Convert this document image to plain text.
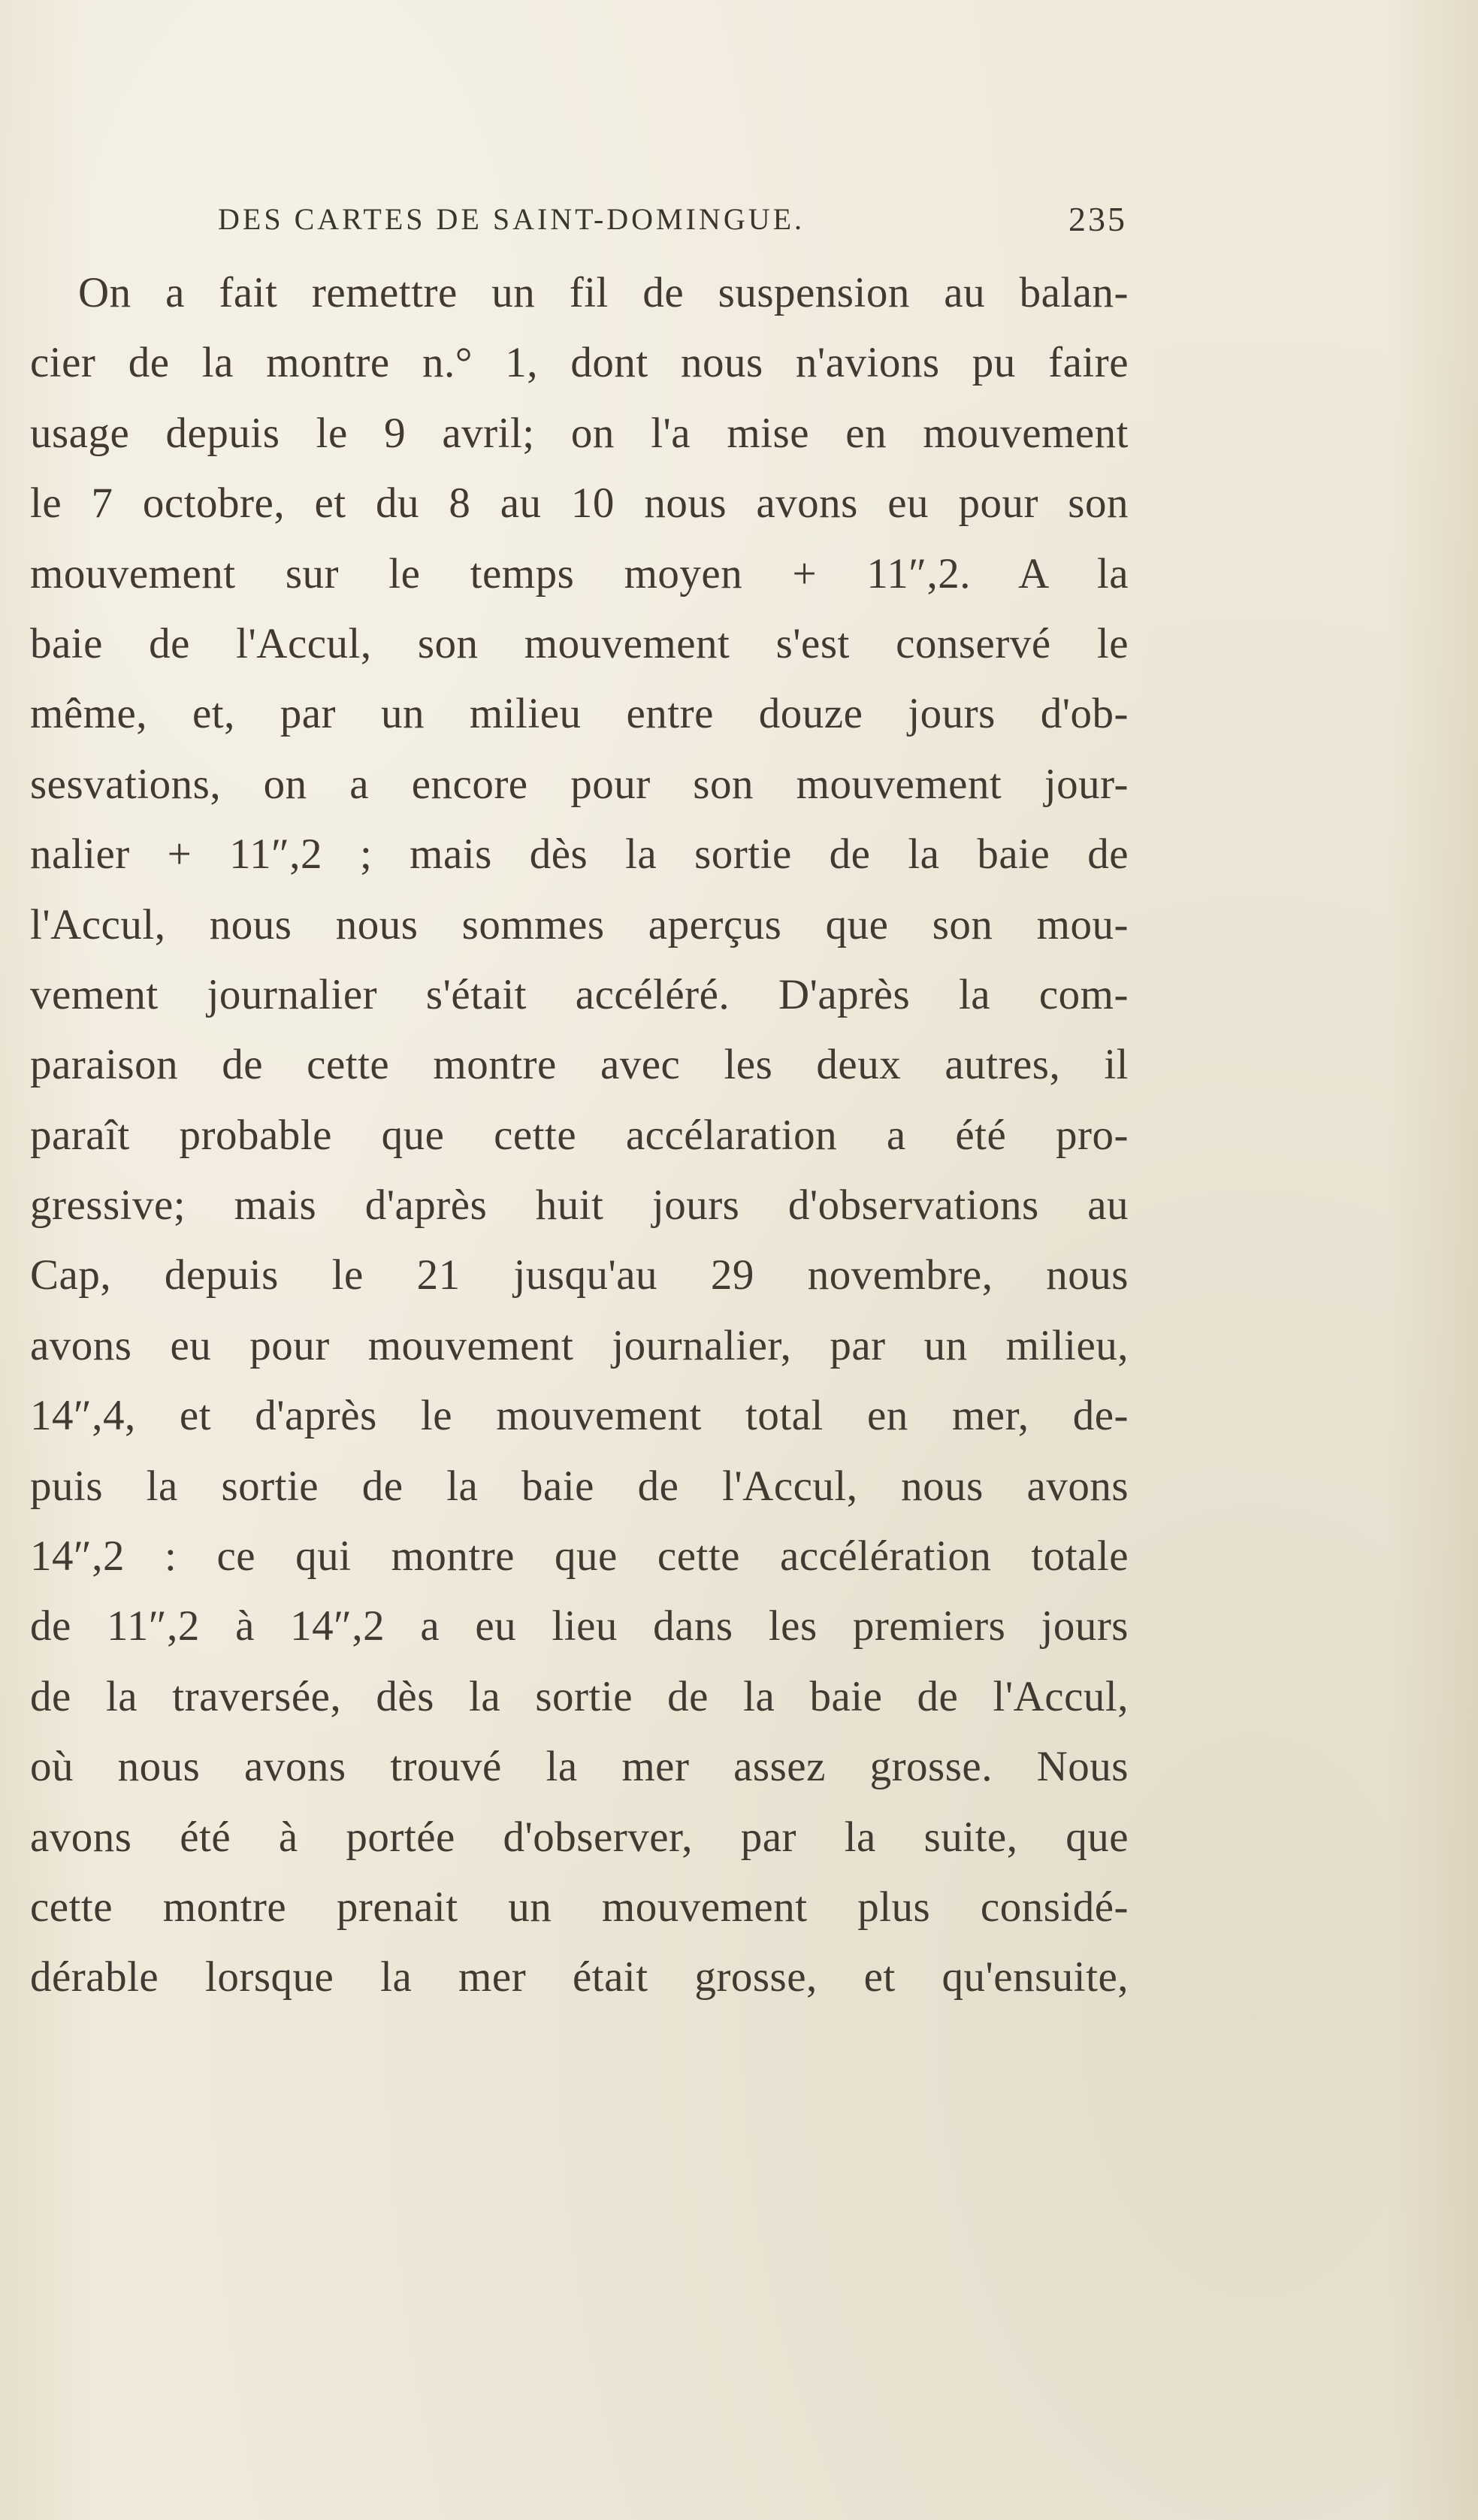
DES CARTES DE SAINT-DOMINGUE.	235
On a fait remettre un fil de suspension au balan-
cier de la montre n.° 1, dont nous n'avions pu faire
usage depuis le 9 avril; on l'a mise en mouvement
le 7 octobre, et du 8 au 10 nous avons eu pour son
mouvement sur le temps moyen + 11″,2. A la
baie de l'Accul, son mouvement s'est conservé le
même, et, par un milieu entre douze jours d'ob-
sesvations, on a encore pour son mouvement jour-
nalier + 11″,2 ; mais dès la sortie de la baie de
l'Accul, nous nous sommes aperçus que son mou-
vement journalier s'était accéléré. D'après la com-
paraison de cette montre avec les deux autres, il
paraît probable que cette accélaration a été pro-
gressive; mais d'après huit jours d'observations au
Cap, depuis le 21 jusqu'au 29 novembre, nous
avons eu pour mouvement journalier, par un milieu,
14″,4, et d'après le mouvement total en mer, de-
puis la sortie de la baie de l'Accul, nous avons
14″,2 : ce qui montre que cette accélération totale
de 11″,2 à 14″,2 a eu lieu dans les premiers jours
de la traversée, dès la sortie de la baie de l'Accul,
où nous avons trouvé la mer assez grosse. Nous
avons été à portée d'observer, par la suite, que
cette montre prenait un mouvement plus considé-
dérable lorsque la mer était grosse, et qu'ensuite,
